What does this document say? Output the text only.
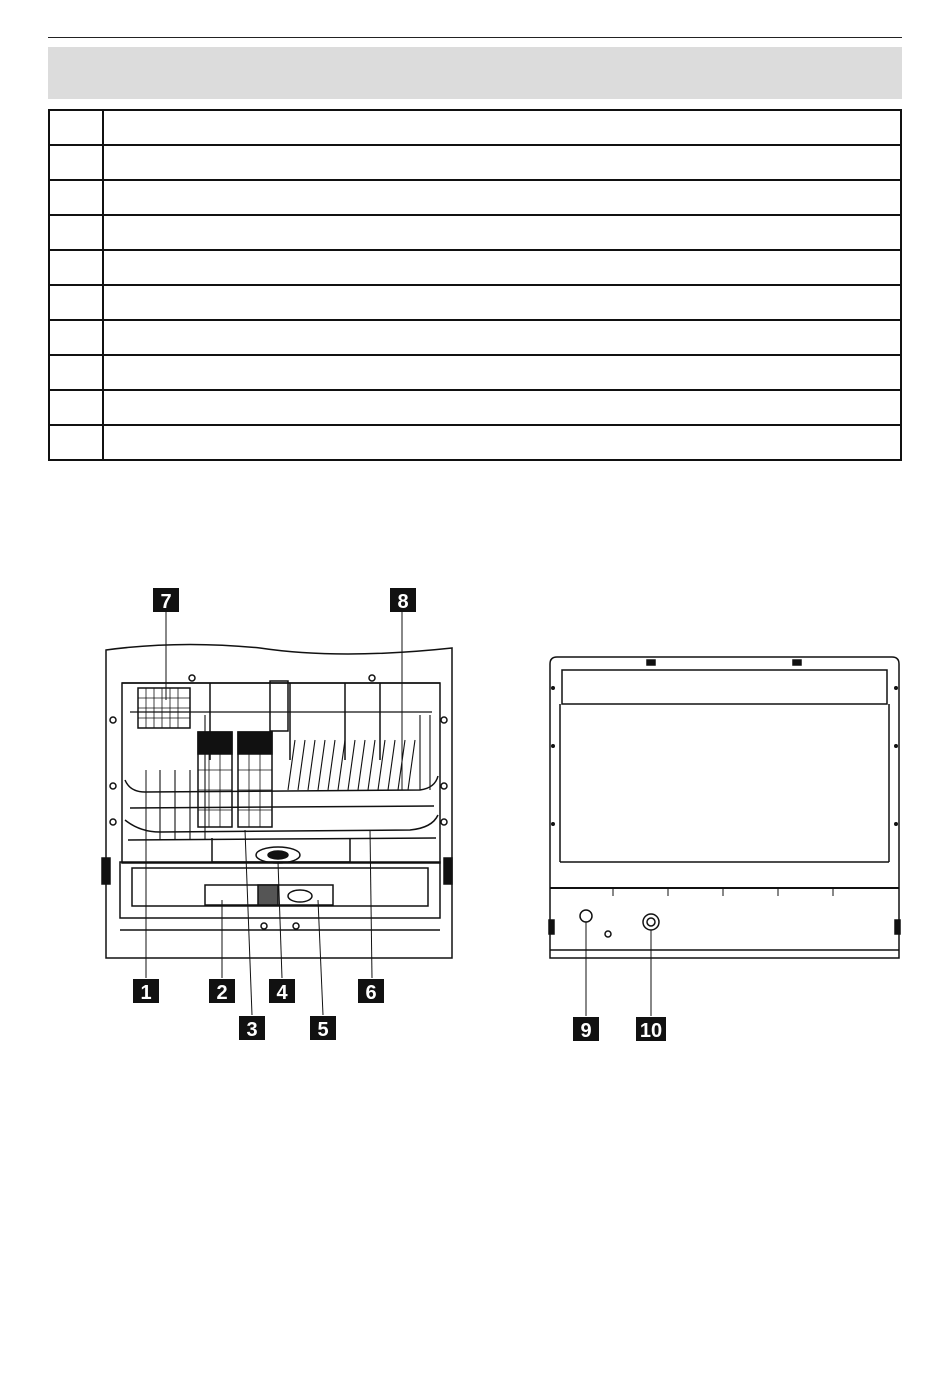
7	8
1	2 4	6
3	5	9 10
